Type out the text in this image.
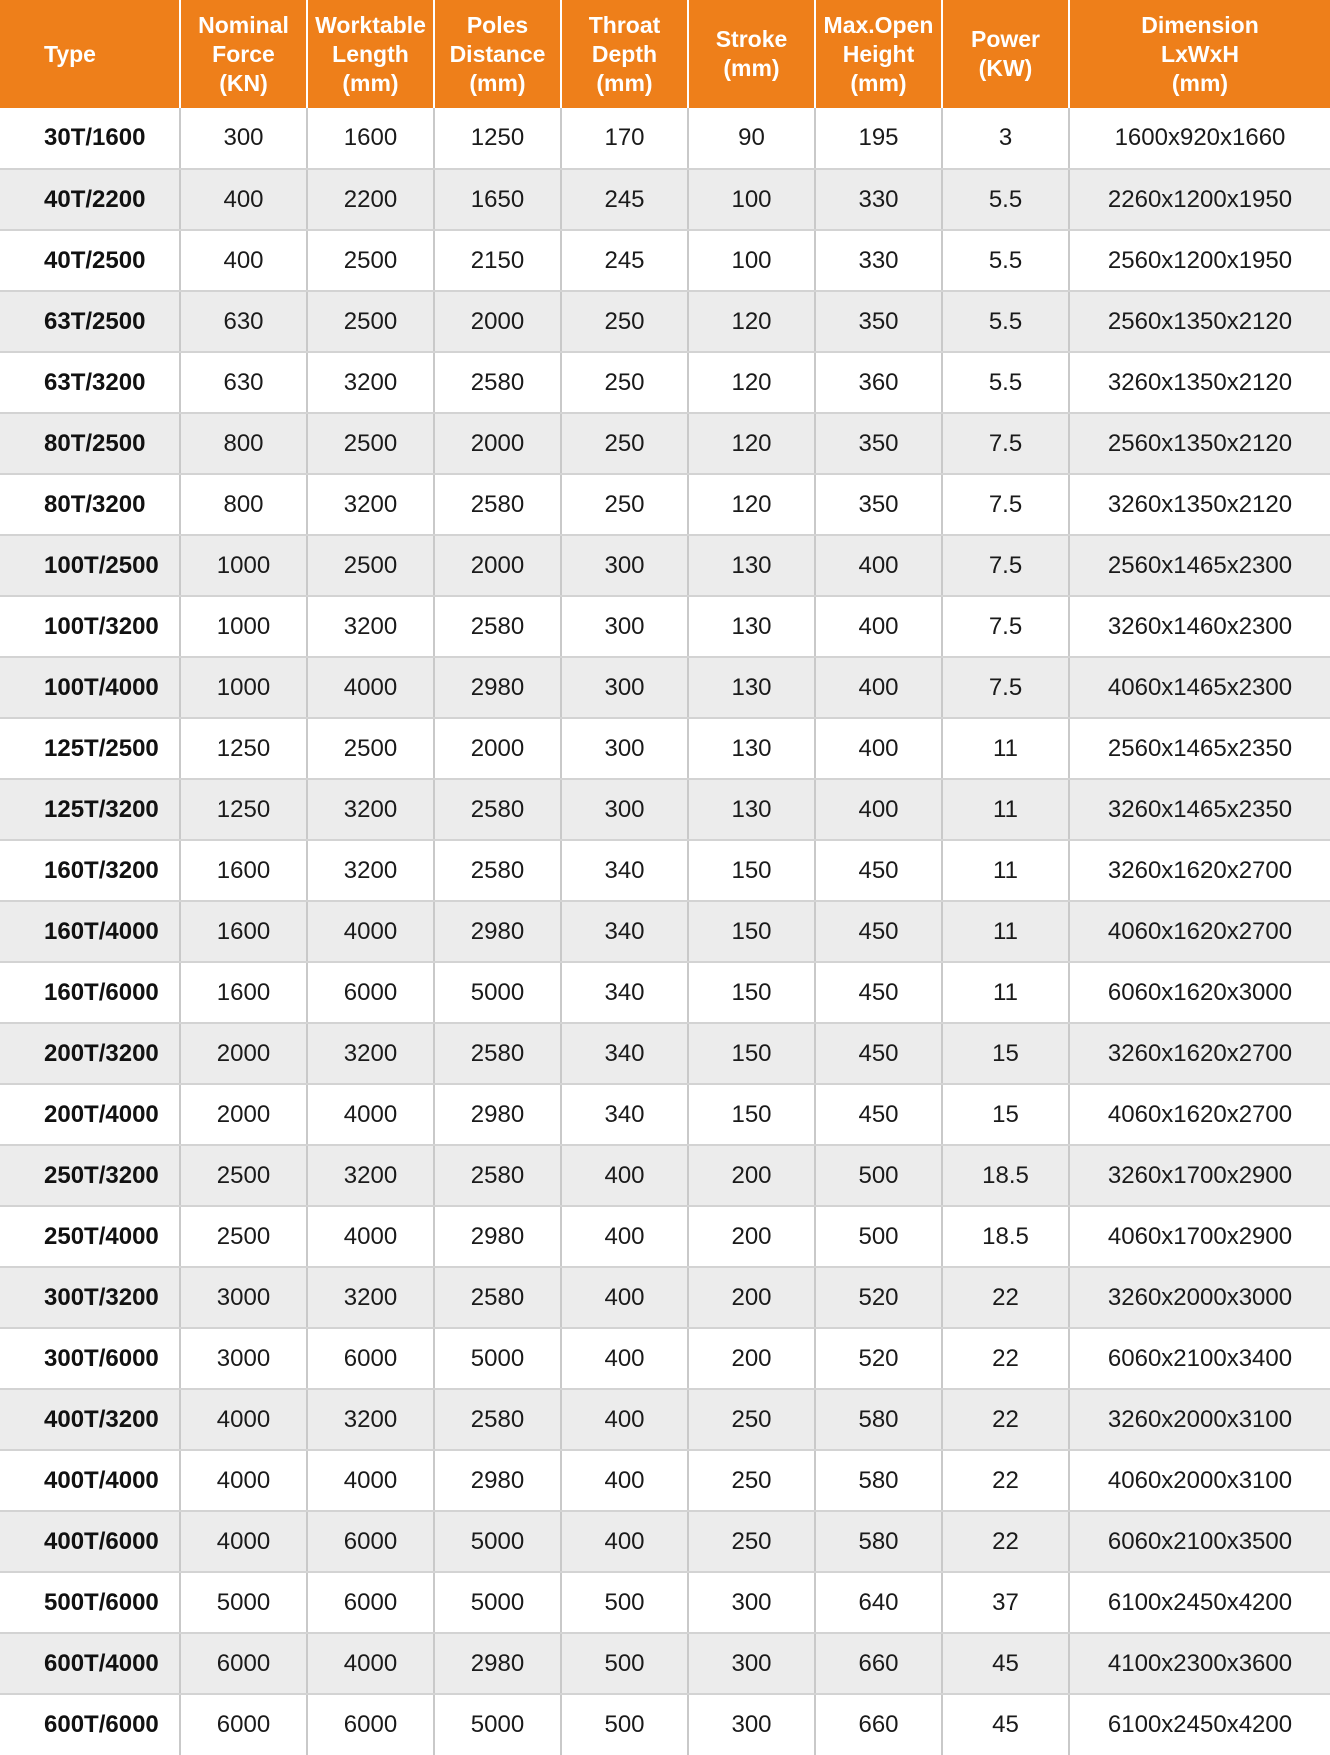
Type	Nominal
Force
(KN)	Worktable
Length
(mm)	Poles
Distance
(mm)	Throat
Depth
(mm)	Stroke
(mm)	Max.Open
Height
(mm)	Power
(KW)	Dimension
LxWxH
(mm)
30T/1600	300	1600	1250	170	90	195	3	1600x920x1660
40T/2200	400	2200	1650	245	100	330	5.5	2260x1200x1950
40T/2500	400	2500	2150	245	100	330	5.5	2560x1200x1950
63T/2500	630	2500	2000	250	120	350	5.5	2560x1350x2120
63T/3200	630	3200	2580	250	120	360	5.5	3260x1350x2120
80T/2500	800	2500	2000	250	120	350	7.5	2560x1350x2120
80T/3200	800	3200	2580	250	120	350	7.5	3260x1350x2120
100T/2500	1000	2500	2000	300	130	400	7.5	2560x1465x2300
100T/3200	1000	3200	2580	300	130	400	7.5	3260x1460x2300
100T/4000	1000	4000	2980	300	130	400	7.5	4060x1465x2300
125T/2500	1250	2500	2000	300	130	400	11	2560x1465x2350
125T/3200	1250	3200	2580	300	130	400	11	3260x1465x2350
160T/3200	1600	3200	2580	340	150	450	11	3260x1620x2700
160T/4000	1600	4000	2980	340	150	450	11	4060x1620x2700
160T/6000	1600	6000	5000	340	150	450	11	6060x1620x3000
200T/3200	2000	3200	2580	340	150	450	15	3260x1620x2700
200T/4000	2000	4000	2980	340	150	450	15	4060x1620x2700
250T/3200	2500	3200	2580	400	200	500	18.5	3260x1700x2900
250T/4000	2500	4000	2980	400	200	500	18.5	4060x1700x2900
300T/3200	3000	3200	2580	400	200	520	22	3260x2000x3000
300T/6000	3000	6000	5000	400	200	520	22	6060x2100x3400
400T/3200	4000	3200	2580	400	250	580	22	3260x2000x3100
400T/4000	4000	4000	2980	400	250	580	22	4060x2000x3100
400T/6000	4000	6000	5000	400	250	580	22	6060x2100x3500
500T/6000	5000	6000	5000	500	300	640	37	6100x2450x4200
600T/4000	6000	4000	2980	500	300	660	45	4100x2300x3600
600T/6000	6000	6000	5000	500	300	660	45	6100x2450x4200
